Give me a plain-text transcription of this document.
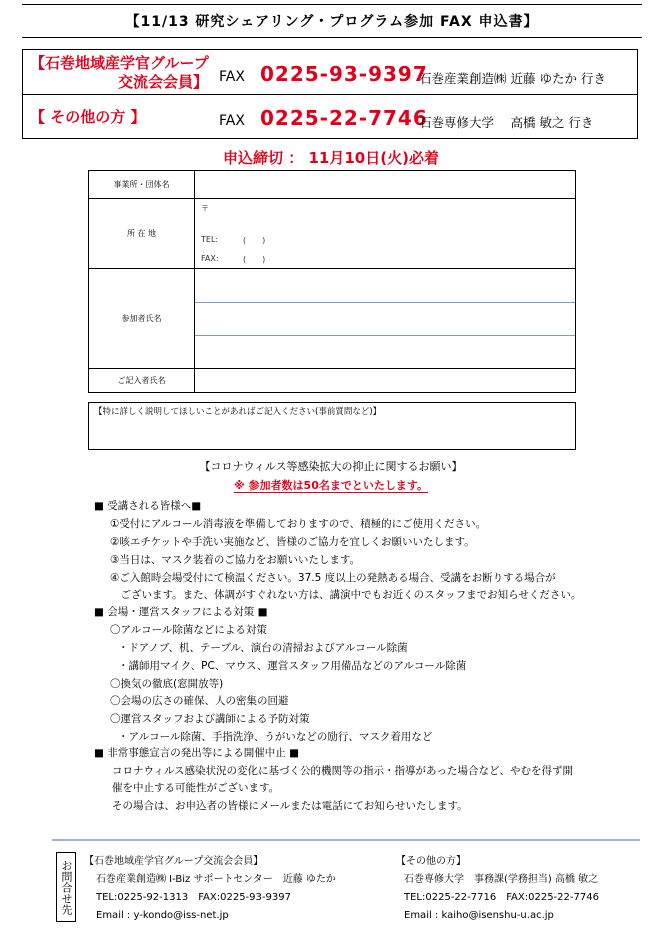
【11/13 研究シェアリング・プログラム参加 FAX 申込書】
【石巻地域産学官グループ
交流会会員】 FAX 0225-93-9397
石巻産業創造㈱ 近藤 ゆたか 行き
【 その他の方 】	FAX 0225-22-7746
石巻専修大学　 高橋 敏之 行き
申込締切 ： 11月10日(火)必着
事業所・団体名	
所 在 地	〒
TEL: (　　)
FAX: (　　)

参加者氏名	

ご記入者氏名	
【特に詳しく説明してほしいことがあればご記入ください(事前質問など)】
【コロナウィルス等感染拡大の抑止に関するお願い】
※ 参加者数は50名までといたします。
■ 受講される皆様へ■
①受付にアルコール消毒液を準備しておりますので、積極的にご使用ください。
②咳エチケットや手洗い実施など、皆様のご協力を宜しくお願いいたします。
③当日は、マスク装着のご協力をお願いいたします。
④ご入館時会場受付にて検温ください。37.5 度以上の発熱ある場合、受講をお断りする場合が
　ございます。また、体調がすぐれない方は、講演中でもお近くのスタッフまでお知らせください。
■ 会場・運営スタッフによる対策 ■
〇アルコール除菌などによる対策
・ドアノブ、机、テーブル、演台の清掃およびアルコール除菌
・講師用マイク、PC、マウス、運営スタッフ用備品などのアルコール除菌
〇換気の徹底(窓開放等)
〇会場の広さの確保、人の密集の回避
〇運営スタッフおよび講師による予防対策
・アルコール除菌、手指洗浄、うがいなどの励行、マスク着用など
■ 非常事態宣言の発出等による開催中止 ■
コロナウィルス感染状況の変化に基づく公的機関等の指示・指導があった場合など、やむを得ず開
催を中止する可能性がございます。
その場合は、お申込者の皆様にメールまたは電話にてお知らせいたします。
お問合せ先	【石巻地域産学官グループ交流会会員】
石巻産業創造㈱ I-Biz サポートセンター　近藤 ゆたか
TEL:0225-92-1313　FAX:0225-93-9397
Email : y-kondo@iss-net.jp
【その他の方】
石巻専修大学　事務課(学務担当) 高橋 敏之
TEL:0225-22-7716　FAX:0225-22-7746
Email : kaiho@isenshu-u.ac.jp
